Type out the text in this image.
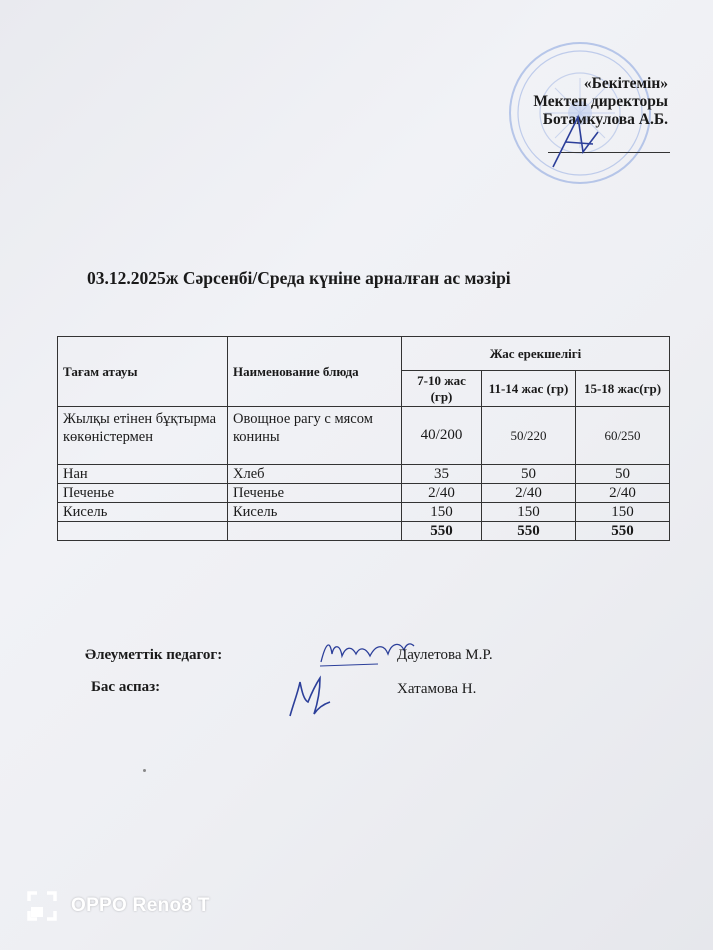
«Бекітемін»
Мектеп директоры
Ботамкулова А.Б.
03.12.2025ж Сәрсенбі/Среда күніне арналған ас мәзірі
Тағам атауы	Наименование блюда	Жас ерекшелігі		
		7-10 жас (гр)	11-14 жас (гр)	15-18 жас(гр)
Жылқы етінен бұқтырма көкөністермен	Овощное рагу с мясом конины	40/200	50/220	60/250
Нан	Хлеб	35	50	50
Печенье	Печенье	2/40	2/40	2/40
Кисель	Кисель	150	150	150
		550	550	550
Әлеуметтік педагог:	Даулетова М.Р.
Бас аспаз:	Хатамова Н.
OPPO Reno8 T
